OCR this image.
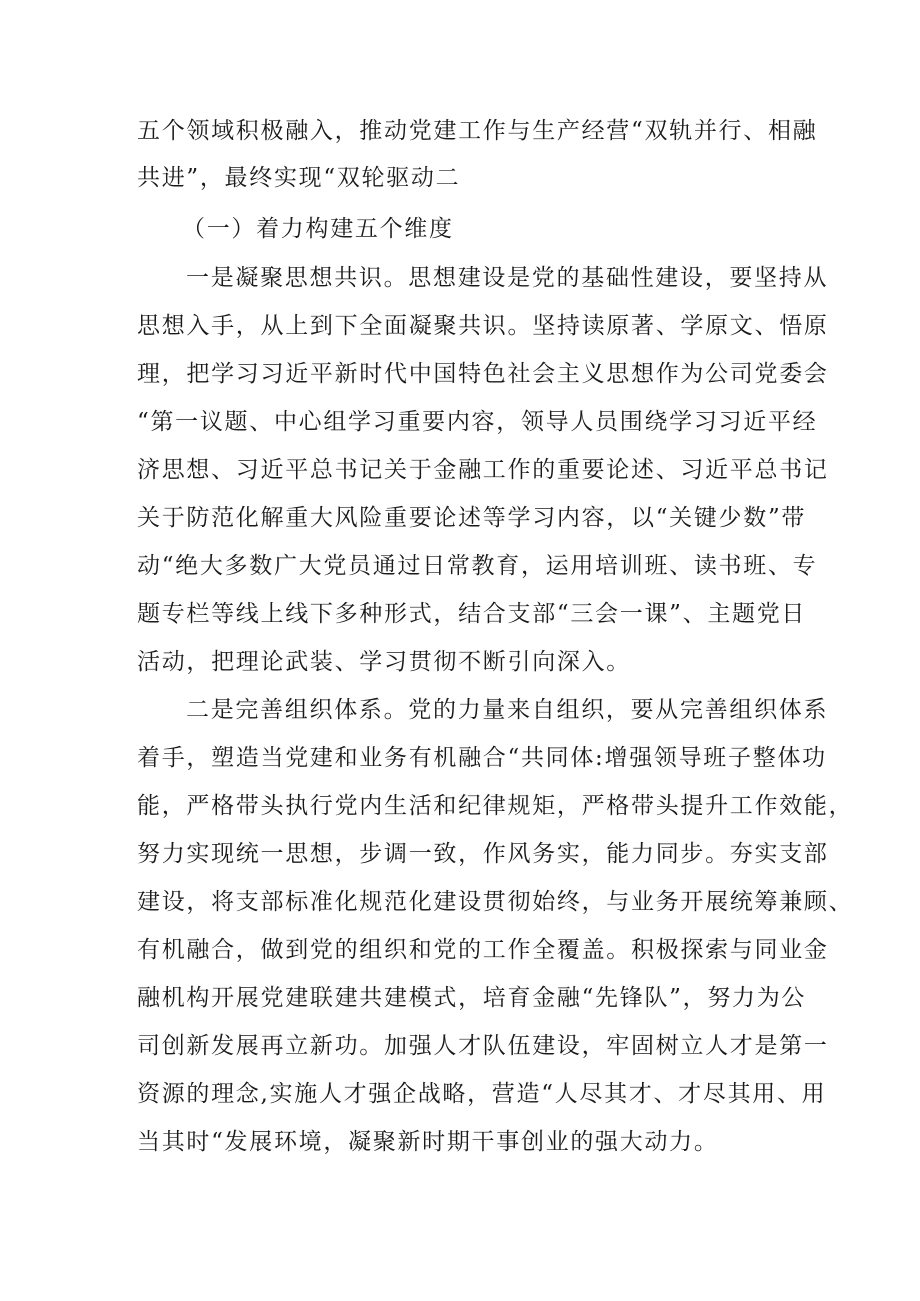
五个领域积极融入，推动党建工作与生产经营“双轨并行、相融
共进”，最终实现“双轮驱动二
（一）着力构建五个维度
一是凝聚思想共识。思想建设是党的基础性建设，要坚持从
思想入手，从上到下全面凝聚共识。坚持读原著、学原文、悟原
理，把学习习近平新时代中国特色社会主义思想作为公司党委会
“第一议题、中心组学习重要内容，领导人员围绕学习习近平经
济思想、习近平总书记关于金融工作的重要论述、习近平总书记
关于防范化解重大风险重要论述等学习内容，以“关键少数”带
动“绝大多数广大党员通过日常教育，运用培训班、读书班、专
题专栏等线上线下多种形式，结合支部“三会一课”、主题党日
活动，把理论武装、学习贯彻不断引向深入。
二是完善组织体系。党的力量来自组织，要从完善组织体系
着手，塑造当党建和业务有机融合“共同体:增强领导班子整体功
能，严格带头执行党内生活和纪律规矩，严格带头提升工作效能，
努力实现统一思想，步调一致，作风务实，能力同步。夯实支部
建设，将支部标准化规范化建设贯彻始终，与业务开展统筹兼顾、
有机融合，做到党的组织和党的工作全覆盖。积极探索与同业金
融机构开展党建联建共建模式，培育金融“先锋队”，努力为公
司创新发展再立新功。加强人才队伍建设，牢固树立人才是第一
资源的理念,实施人才强企战略，营造“人尽其才、才尽其用、用
当其时“发展环境，凝聚新时期干事创业的强大动力。
